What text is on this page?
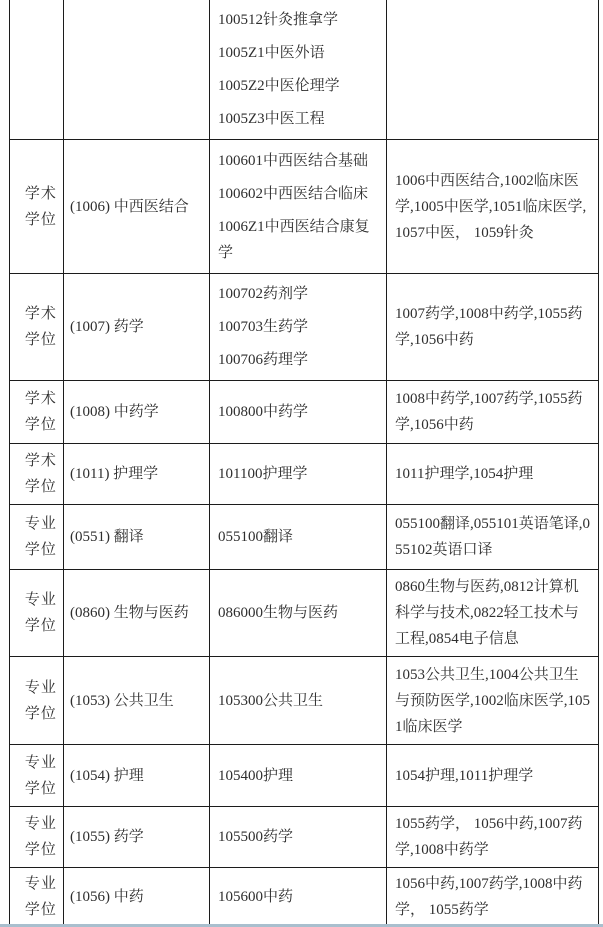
		100512针灸推拿学

1005Z1中医外语

1005Z2中医伦理学

1005Z3中医工程	

学术学位	(1006) 中西医结合	100601中西医结合基础

100602中西医结合临床

1006Z1中西医结合康复学	1006中西医结合,1002临床医学,1005中医学,1051临床医学,1057中医， 1059针灸
学术学位	(1007) 药学	100702药剂学

100703生药学

100706药理学	1007药学,1008中药学,1055药学,1056中药
学术学位	(1008) 中药学	100800中药学	1008中药学,1007药学,1055药学,1056中药
学术学位	(1011) 护理学	101100护理学	1011护理学,1054护理
专业学位	(0551) 翻译	055100翻译	055100翻译,055101英语笔译,055102英语口译
专业学位	(0860) 生物与医药	086000生物与医药	0860生物与医药,0812计算机科学与技术,0822轻工技术与工程,0854电子信息
专业学位	(1053) 公共卫生	105300公共卫生	1053公共卫生,1004公共卫生与预防医学,1002临床医学,1051临床医学
专业学位	(1054) 护理	105400护理	1054护理,1011护理学
专业学位	(1055) 药学	105500药学	1055药学， 1056中药,1007药学,1008中药学
专业学位	(1056) 中药	105600中药	1056中药,1007药学,1008中药学， 1055药学
